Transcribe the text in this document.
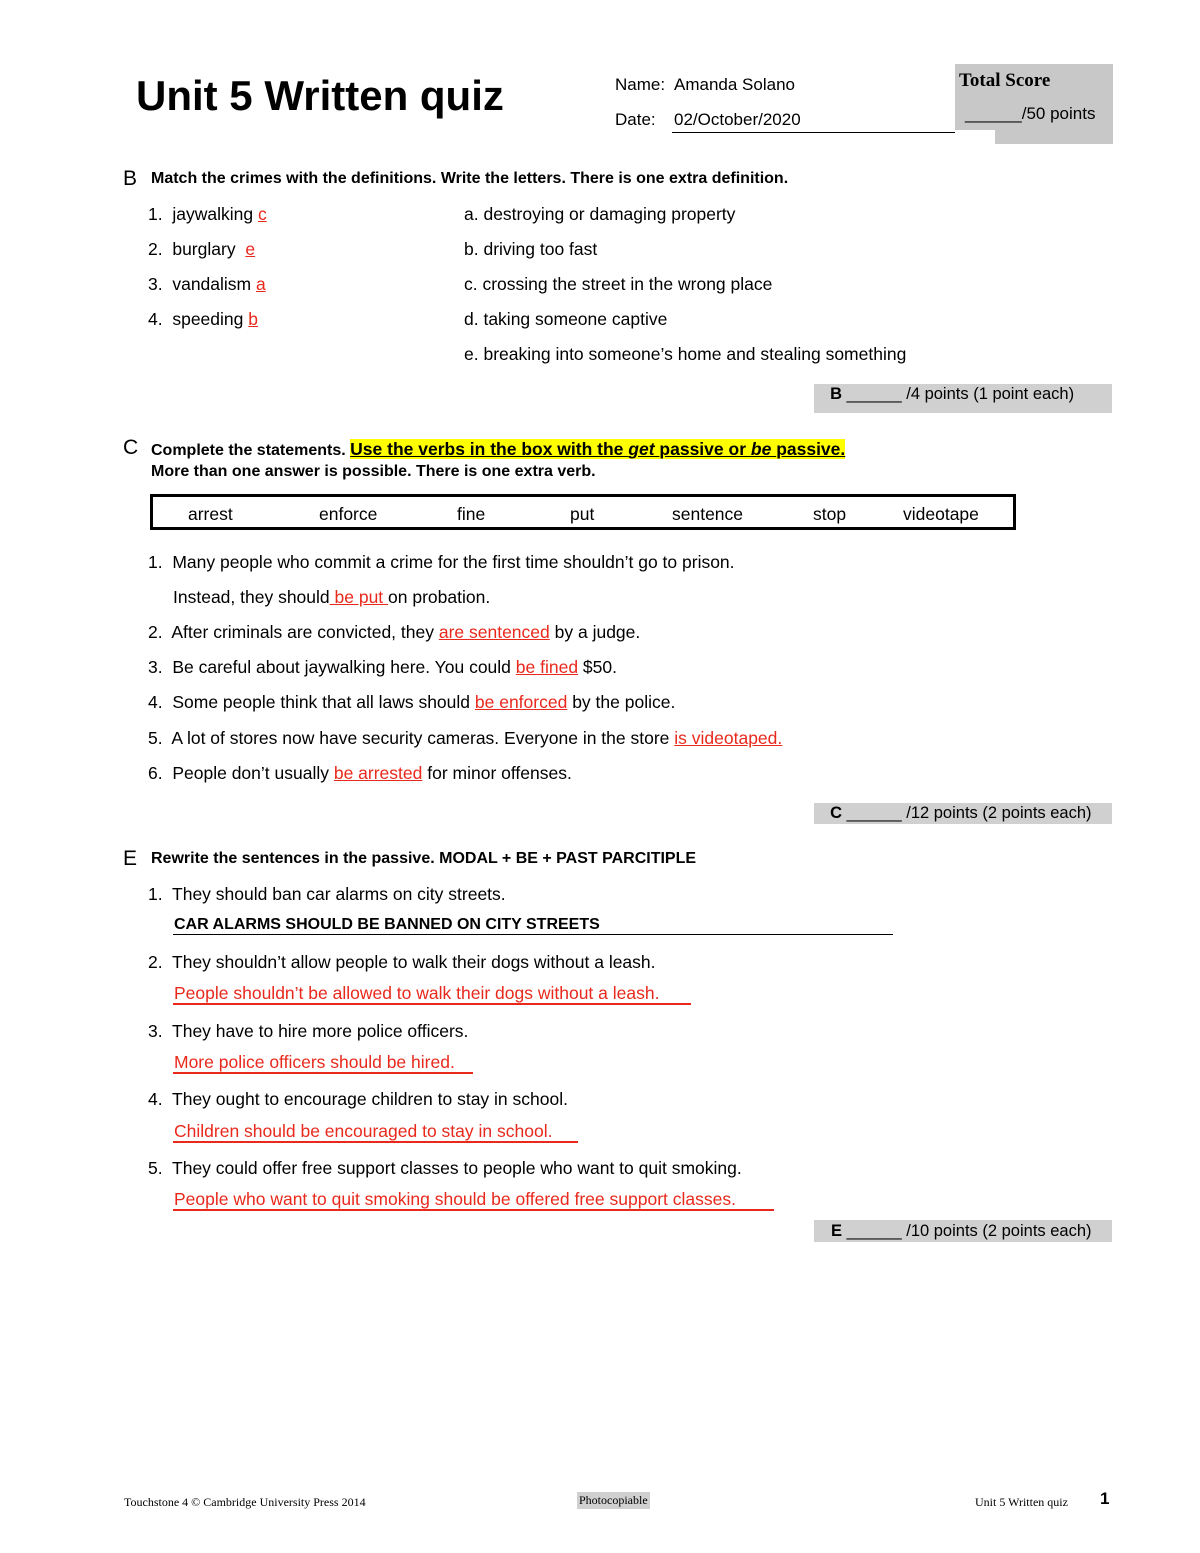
Unit 5 Written quiz	Name: Amanda Solano
Date: 02/October/2020
Total Score
______/50 points
B Match the crimes with the definitions. Write the letters. There is one extra definition.
1. jaywalking c
2. burglary e
3. vandalism a
4. speeding b
a. destroying or damaging property
b. driving too fast
c. crossing the street in the wrong place
d. taking someone captive
e. breaking into someone’s home and stealing something
B ______ /4 points (1 point each)
C Complete the statements. Use the verbs in the box with the get passive or be passive.
More than one answer is possible. There is one extra verb.
arrest	enforce	fine	put	sentence	stop	videotape
1. Many people who commit a crime for the first time shouldn’t go to prison.
Instead, they should be put on probation.
2. After criminals are convicted, they are sentenced by a judge.
3. Be careful about jaywalking here. You could be fined $50.
4. Some people think that all laws should be enforced by the police.
5. A lot of stores now have security cameras. Everyone in the store is videotaped.
6. People don’t usually be arrested for minor offenses.
C ______ /12 points (2 points each)
E Rewrite the sentences in the passive. MODAL + BE + PAST PARCITIPLE
1. They should ban car alarms on city streets.
CAR ALARMS SHOULD BE BANNED ON CITY STREETS
2. They shouldn’t allow people to walk their dogs without a leash.
People shouldn’t be allowed to walk their dogs without a leash.
3. They have to hire more police officers.
More police officers should be hired.
4. They ought to encourage children to stay in school.
Children should be encouraged to stay in school.
5. They could offer free support classes to people who want to quit smoking.
People who want to quit smoking should be offered free support classes.
E ______ /10 points (2 points each)
Touchstone 4 © Cambridge University Press 2014	Photocopiable	Unit 5 Written quiz 1
